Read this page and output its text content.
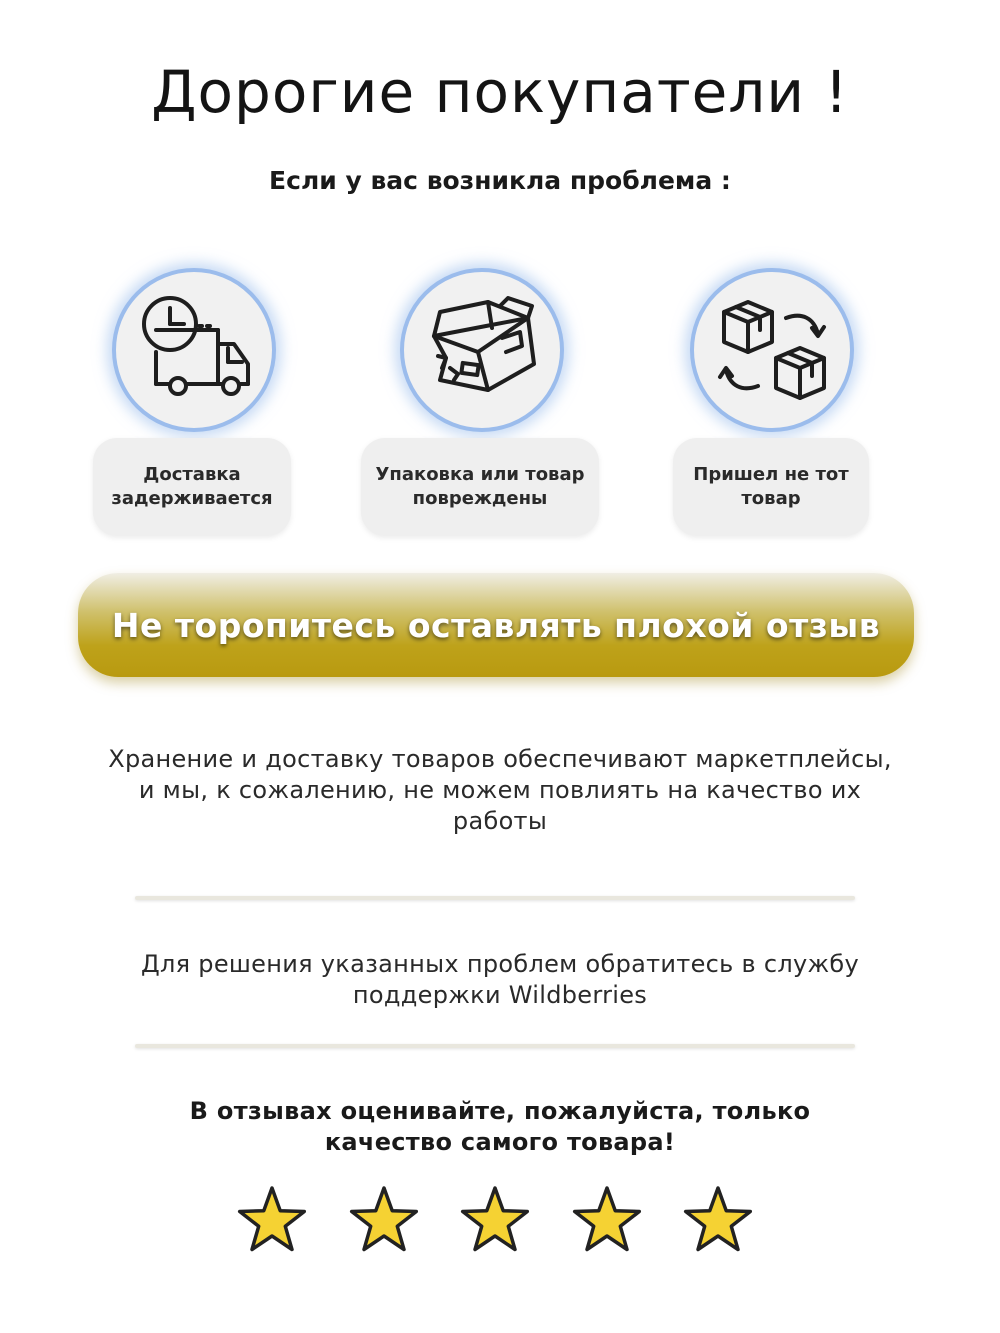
Дорогие покупатели !
Если у вас возникла проблема :
Доставка задерживается
Упаковка или товар повреждены
Пришел не тот товар
Не торопитесь оставлять плохой отзыв
Хранение и доставку товаров обеспечивают маркетплейсы, и мы, к сожалению, не можем повлиять на качество их работы
Для решения указанных проблем обратитесь в службу поддержки Wildberries
В отзывах оценивайте, пожалуйста, только качество самого товара!
